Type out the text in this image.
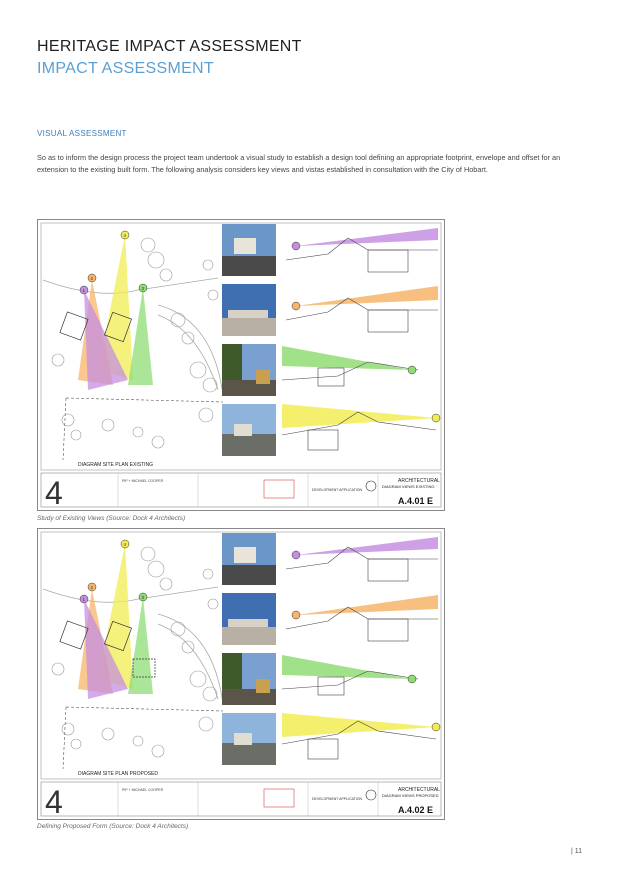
HERITAGE IMPACT ASSESSMENT
IMPACT ASSESSMENT
VISUAL ASSESSMENT
So as to inform the design process the project team undertook a visual study to establish a design tool defining an appropriate footprint, envelope and offset for an extension to the existing built form. The following analysis considers key views and vistas established in consultation with the City of Hobart.
4
2
1	3
DIAGRAM SITE PLAN EXISTING
4	PIP + MICHAEL COOPER
DEVELOPMENT APPLICATION
ARCHITECTURAL
DIAGRAM VIEWS EXISTING
A.4.01 E
Study of Existing Views (Source: Dock 4 Architects)
4
2
1	3
DIAGRAM SITE PLAN PROPOSED
4	PIP + MICHAEL COOPER
DEVELOPMENT APPLICATION
ARCHITECTURAL
DIAGRAM VIEWS PROPOSED
A.4.02 E
Defining Proposed Form (Source: Dock 4 Architects)
| 11
